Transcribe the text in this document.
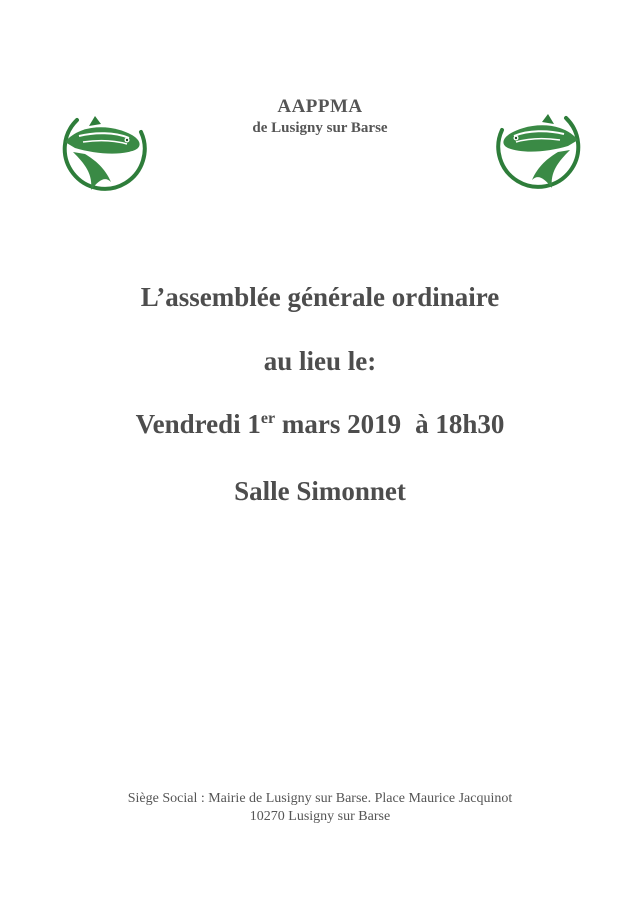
AAPPMA
de Lusigny sur Barse
L’assemblée générale ordinaire
au lieu le:
Vendredi 1er mars 2019 à 18h30
Salle Simonnet
Siège Social : Mairie de Lusigny sur Barse. Place Maurice Jacquinot
10270 Lusigny sur Barse
